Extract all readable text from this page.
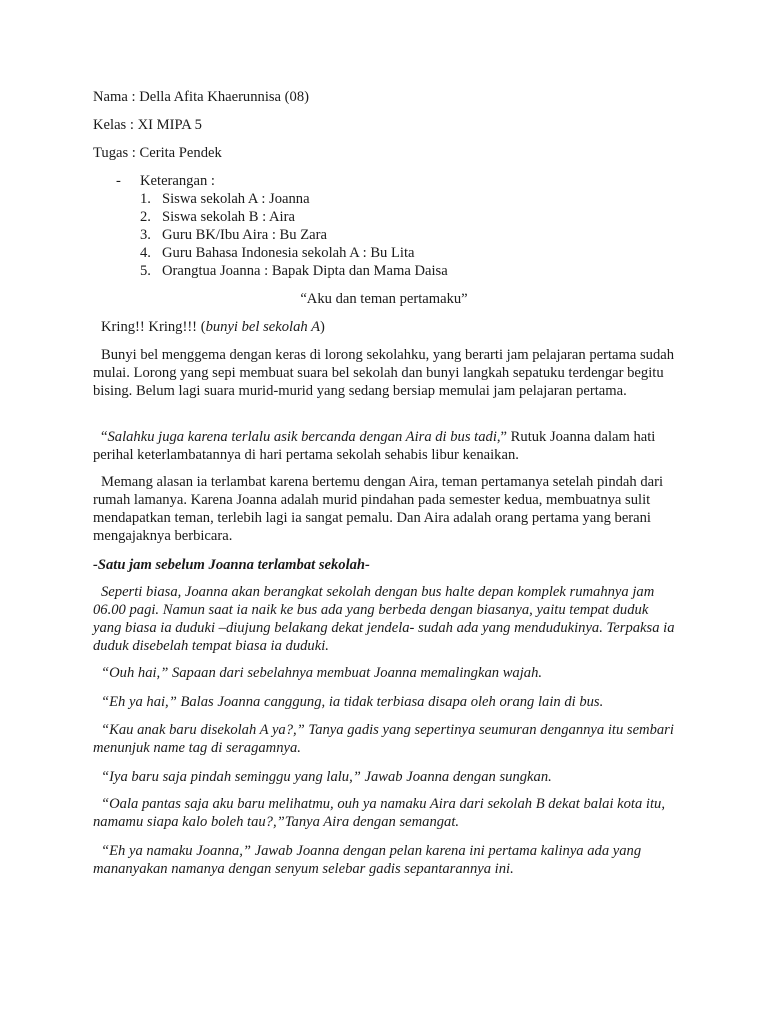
Nama : Della Afita Khaerunnisa (08)
Kelas : XI MIPA 5
Tugas : Cerita Pendek
- Keterangan :
1. Siswa sekolah A : Joanna
2. Siswa sekolah B : Aira
3. Guru BK/Ibu Aira : Bu Zara
4. Guru Bahasa Indonesia sekolah A : Bu Lita
5. Orangtua Joanna : Bapak Dipta dan Mama Daisa
“Aku dan teman pertamaku”

Kring!! Kring!!! (bunyi bel sekolah A)

Bunyi bel menggema dengan keras di lorong sekolahku, yang berarti jam pelajaran pertama sudah mulai. Lorong yang sepi membuat suara bel sekolah dan bunyi langkah sepatuku terdengar begitu bising. Belum lagi suara murid-murid yang sedang bersiap memulai jam pelajaran pertama.

“Salahku juga karena terlalu asik bercanda dengan Aira di bus tadi,” Rutuk Joanna dalam hati perihal keterlambatannya di hari pertama sekolah sehabis libur kenaikan.

Memang alasan ia terlambat karena bertemu dengan Aira, teman pertamanya setelah pindah dari rumah lamanya. Karena Joanna adalah murid pindahan pada semester kedua, membuatnya sulit mendapatkan teman, terlebih lagi ia sangat pemalu. Dan Aira adalah orang pertama yang berani mengajaknya berbicara.

-Satu jam sebelum Joanna terlambat sekolah-

Seperti biasa, Joanna akan berangkat sekolah dengan bus halte depan komplek rumahnya jam 06.00 pagi. Namun saat ia naik ke bus ada yang berbeda dengan biasanya, yaitu tempat duduk yang biasa ia duduki –diujung belakang dekat jendela- sudah ada yang mendudukinya. Terpaksa ia duduk disebelah tempat biasa ia duduki.

“Ouh hai,” Sapaan dari sebelahnya membuat Joanna memalingkan wajah.

“Eh ya hai,” Balas Joanna canggung, ia tidak terbiasa disapa oleh orang lain di bus.

“Kau anak baru disekolah A ya?,” Tanya gadis yang sepertinya seumuran dengannya itu sembari menunjuk name tag di seragamnya.

“Iya baru saja pindah seminggu yang lalu,” Jawab Joanna dengan sungkan.

“Oala pantas saja aku baru melihatmu, ouh ya namaku Aira dari sekolah B dekat balai kota itu, namamu siapa kalo boleh tau?,”Tanya Aira dengan semangat.

“Eh ya namaku Joanna,” Jawab Joanna dengan pelan karena ini pertama kalinya ada yang mananyakan namanya dengan senyum selebar gadis sepantarannya ini.
